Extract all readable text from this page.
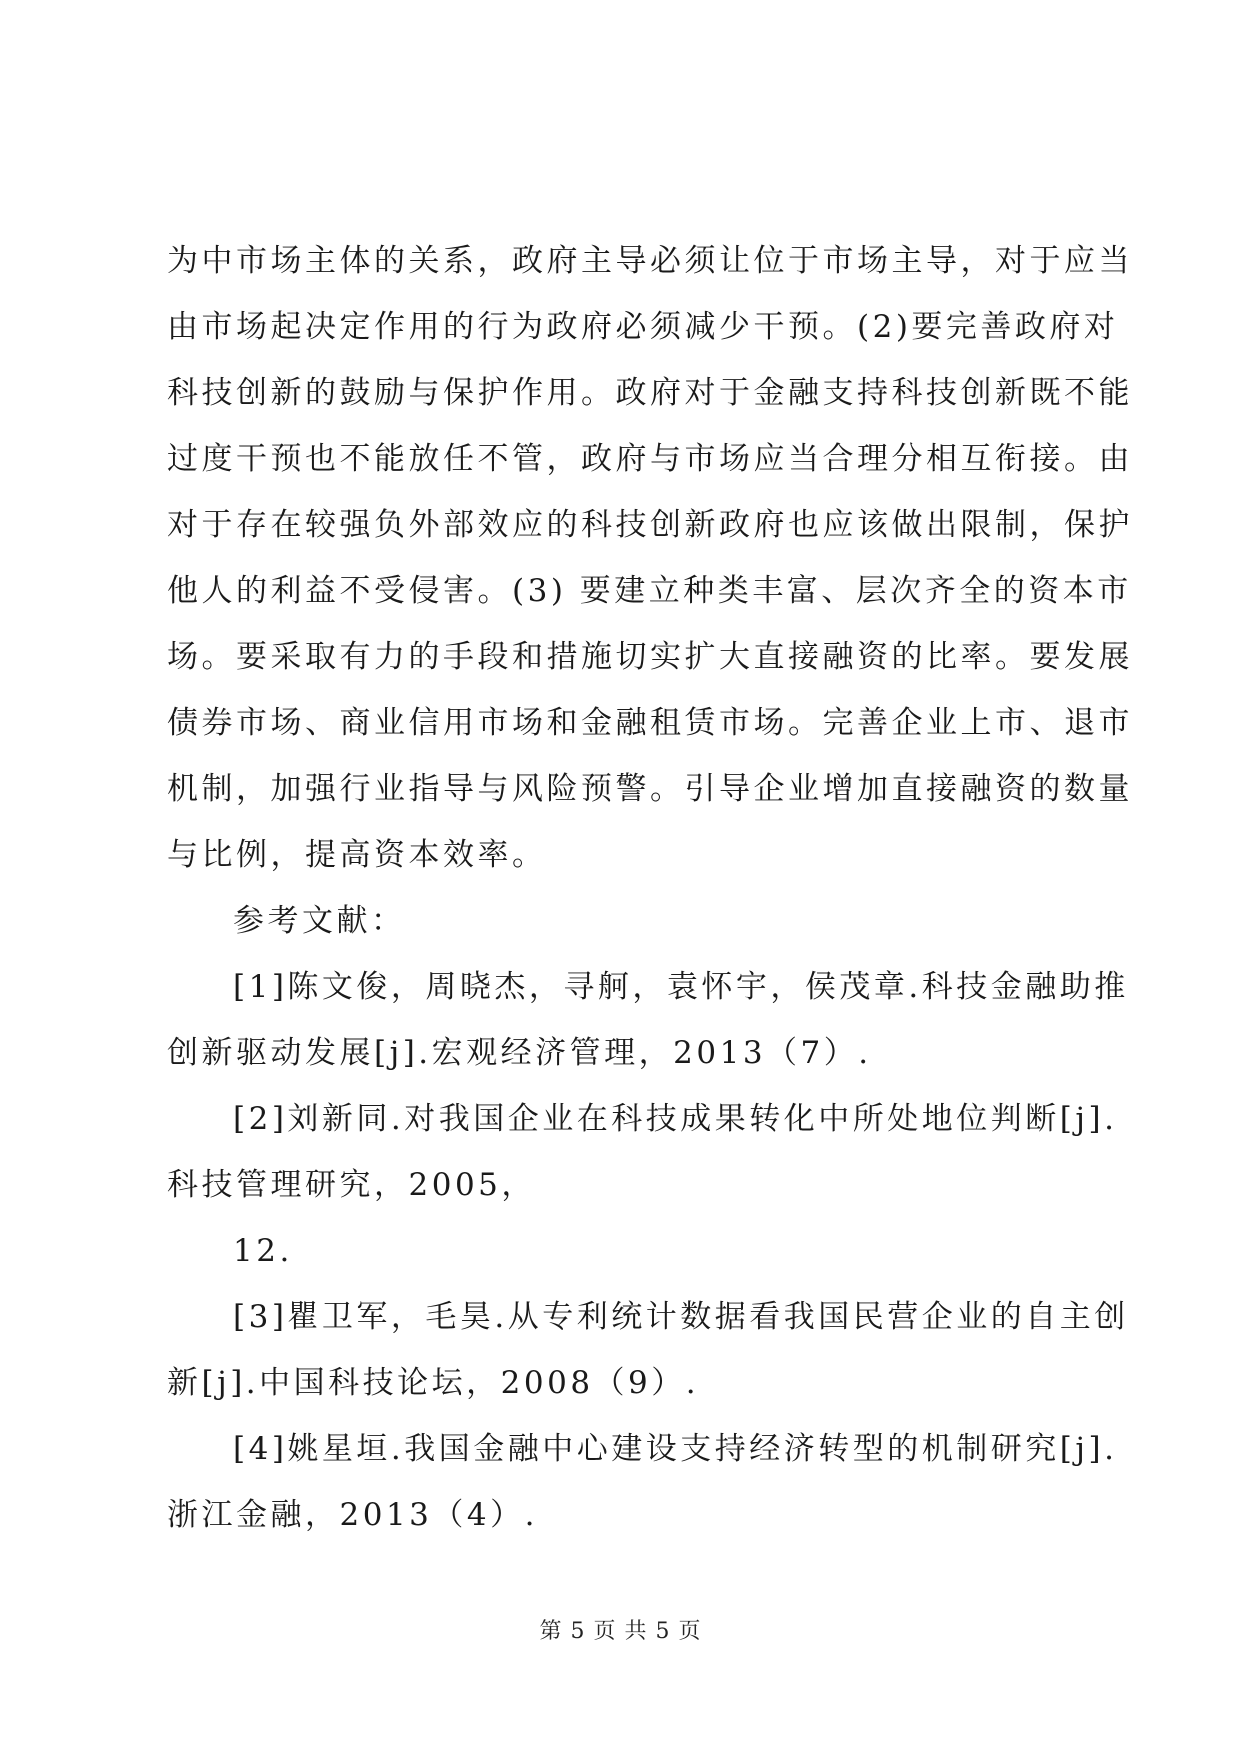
为中市场主体的关系，政府主导必须让位于市场主导，对于应当
由市场起决定作用的行为政府必须减少干预。(2)要完善政府对
科技创新的鼓励与保护作用。政府对于金融支持科技创新既不能
过度干预也不能放任不管，政府与市场应当合理分相互衔接。由
对于存在较强负外部效应的科技创新政府也应该做出限制，保护
他人的利益不受侵害。(3) 要建立种类丰富、层次齐全的资本市
场。要采取有力的手段和措施切实扩大直接融资的比率。要发展
债券市场、商业信用市场和金融租赁市场。完善企业上市、退市
机制，加强行业指导与风险预警。引导企业增加直接融资的数量
与比例，提高资本效率。

参考文献：

[1]陈文俊，周晓杰，寻舸，袁怀宇，侯茂章.科技金融助推
创新驱动发展[j].宏观经济管理，2013（7）.

[2]刘新同.对我国企业在科技成果转化中所处地位判断[j].
科技管理研究，2005，

12.

[3]瞿卫军，毛昊.从专利统计数据看我国民营企业的自主创
新[j].中国科技论坛，2008（9）.

[4]姚星垣.我国金融中心建设支持经济转型的机制研究[j].
浙江金融，2013（4）.

第 5 页 共 5 页
